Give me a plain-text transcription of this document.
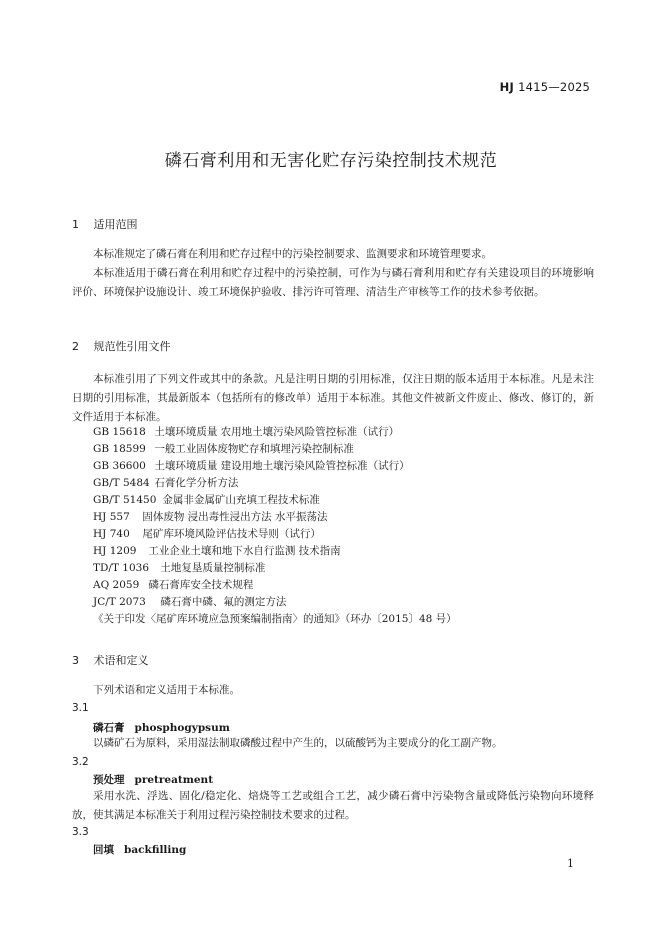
HJ 1415—2025
磷石膏利用和无害化贮存污染控制技术规范
1 适用范围

本标准规定了磷石膏在利用和贮存过程中的污染控制要求、监测要求和环境管理要求。

本标准适用于磷石膏在利用和贮存过程中的污染控制，可作为与磷石膏利用和贮存有关建设项目的环境影响评价、环境保护设施设计、竣工环境保护验收、排污许可管理、清洁生产审核等工作的技术参考依据。

2 规范性引用文件

本标准引用了下列文件或其中的条款。凡是注明日期的引用标准，仅注日期的版本适用于本标准。凡是未注日期的引用标准，其最新版本（包括所有的修改单）适用于本标准。其他文件被新文件废止、修改、修订的，新文件适用于本标准。

GB 15618 土壤环境质量 农用地土壤污染风险管控标准（试行）
GB 18599 一般工业固体废物贮存和填埋污染控制标准
GB 36600 土壤环境质量 建设用地土壤污染风险管控标准（试行）
GB/T 5484 石膏化学分析方法
GB/T 51450 金属非金属矿山充填工程技术标准
HJ 557 固体废物 浸出毒性浸出方法 水平振荡法
HJ 740 尾矿库环境风险评估技术导则（试行）
HJ 1209 工业企业土壤和地下水自行监测 技术指南
TD/T 1036 土地复垦质量控制标准
AQ 2059 磷石膏库安全技术规程
JC/T 2073 磷石膏中磷、氟的测定方法
《关于印发〈尾矿库环境应急预案编制指南〉的通知》（环办〔2015〕48 号）
3 术语和定义

下列术语和定义适用于本标准。

3.1
磷石膏 phosphogypsum

以磷矿石为原料，采用湿法制取磷酸过程中产生的，以硫酸钙为主要成分的化工副产物。

3.2
预处理 pretreatment

采用水洗、浮选、固化/稳定化、焙烧等工艺或组合工艺，减少磷石膏中污染物含量或降低污染物向环境释放，使其满足本标准关于利用过程污染控制技术要求的过程。

3.3
回填 backfilling
1
